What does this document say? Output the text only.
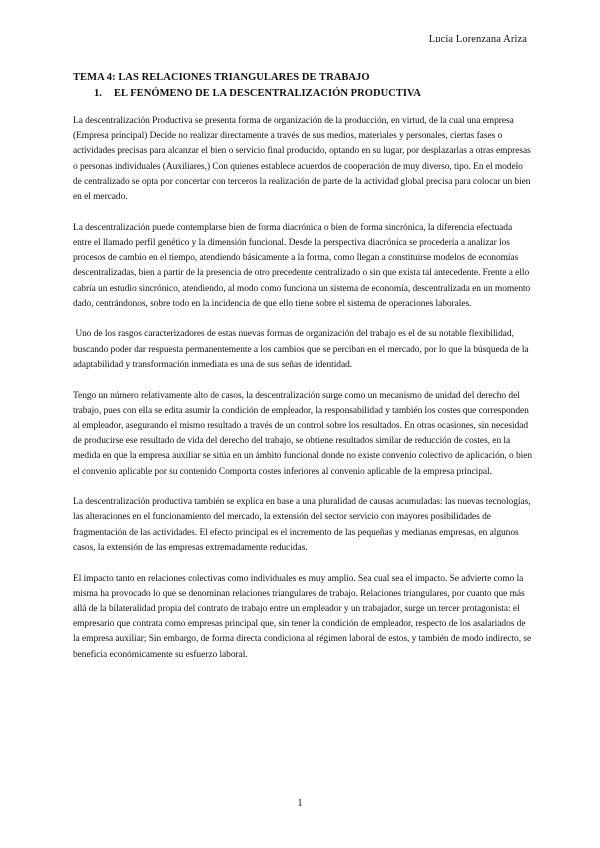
Lucía Lorenzana Ariza
TEMA 4: LAS RELACIONES TRIANGULARES DE TRABAJO
1. EL FENÓMENO DE LA DESCENTRALIZACIÓN PRODUCTIVA

La descentralización Productiva se presenta forma de organización de la producción, en virtud, de la cual una empresa (Empresa principal) Decide no realizar directamente a través de sus medios, materiales y personales, ciertas fases o actividades precisas para alcanzar el bien o servicio final producido, optando en su lugar, por desplazarlas a otras empresas o personas individuales (Auxiliares,) Con quienes establece acuerdos de cooperación de muy diverso, tipo. En el modelo de centralizado se opta por concertar con terceros la realización de parte de la actividad global precisa para colocar un bien en el mercado.

La descentralización puede contemplarse bien de forma diacrónica o bien de forma sincrónica, la diferencia efectuada entre el llamado perfil genético y la dimensión funcional. Desde la perspectiva diacrónica se procedería a analizar los procesos de cambio en el tiempo, atendiendo básicamente a la forma, como llegan a constituirse modelos de economías descentralizadas, bien a partir de la presencia de otro precedente centralizado o sin que exista tal antecedente. Frente a ello cabría un estudio sincrónico, atendiendo, al modo como funciona un sistema de economía, descentralizada en un momento dado, centrándonos, sobre todo en la incidencia de que ello tiene sobre el sistema de operaciones laborales.

Uno de los rasgos caracterizadores de estas nuevas formas de organización del trabajo es el de su notable flexibilidad, buscando poder dar respuesta permanentemente a los cambios que se perciban en el mercado, por lo que la búsqueda de la adaptabilidad y transformación inmediata es una de sus señas de identidad.

Tengo un número relativamente alto de casos, la descentralización surge como un mecanismo de unidad del derecho del trabajo, pues con ella se edita asumir la condición de empleador, la responsabilidad y también los costes que corresponden al empleador, asegurando el mismo resultado a través de un control sobre los resultados. En otras ocasiones, sin necesidad de producirse ese resultado de vida del derecho del trabajo, se obtiene resultados similar de reducción de costes, en la medida en que la empresa auxiliar se sitúa en un ámbito funcional donde no existe convenio colectivo de aplicación, o bien el convenio aplicable por su contenido Comporta costes inferiores al convenio aplicable de la empresa principal.

La descentralización productiva también se explica en base a una pluralidad de causas acumuladas: las nuevas tecnologías, las alteraciones en el funcionamiento del mercado, la extensión del sector servicio con mayores posibilidades de fragmentación de las actividades. El efecto principal es el incremento de las pequeñas y medianas empresas, en algunos casos, la extensión de las empresas extremadamente reducidas.

El impacto tanto en relaciones colectivas como individuales es muy amplio. Sea cual sea el impacto. Se advierte como la misma ha provocado lo que se denominan relaciones triangulares de trabajo. Relaciones triangulares, por cuanto que más allá de la bilateralidad propia del contrato de trabajo entre un empleador y un trabajador, surge un tercer protagonista: el empresario que contrata como empresas principal que, sin tener la condición de empleador, respecto de los asalariados de la empresa auxiliar; Sin embargo, de forma directa condiciona al régimen laboral de estos, y también de modo indirecto, se beneficia económicamente su esfuerzo laboral.

1
